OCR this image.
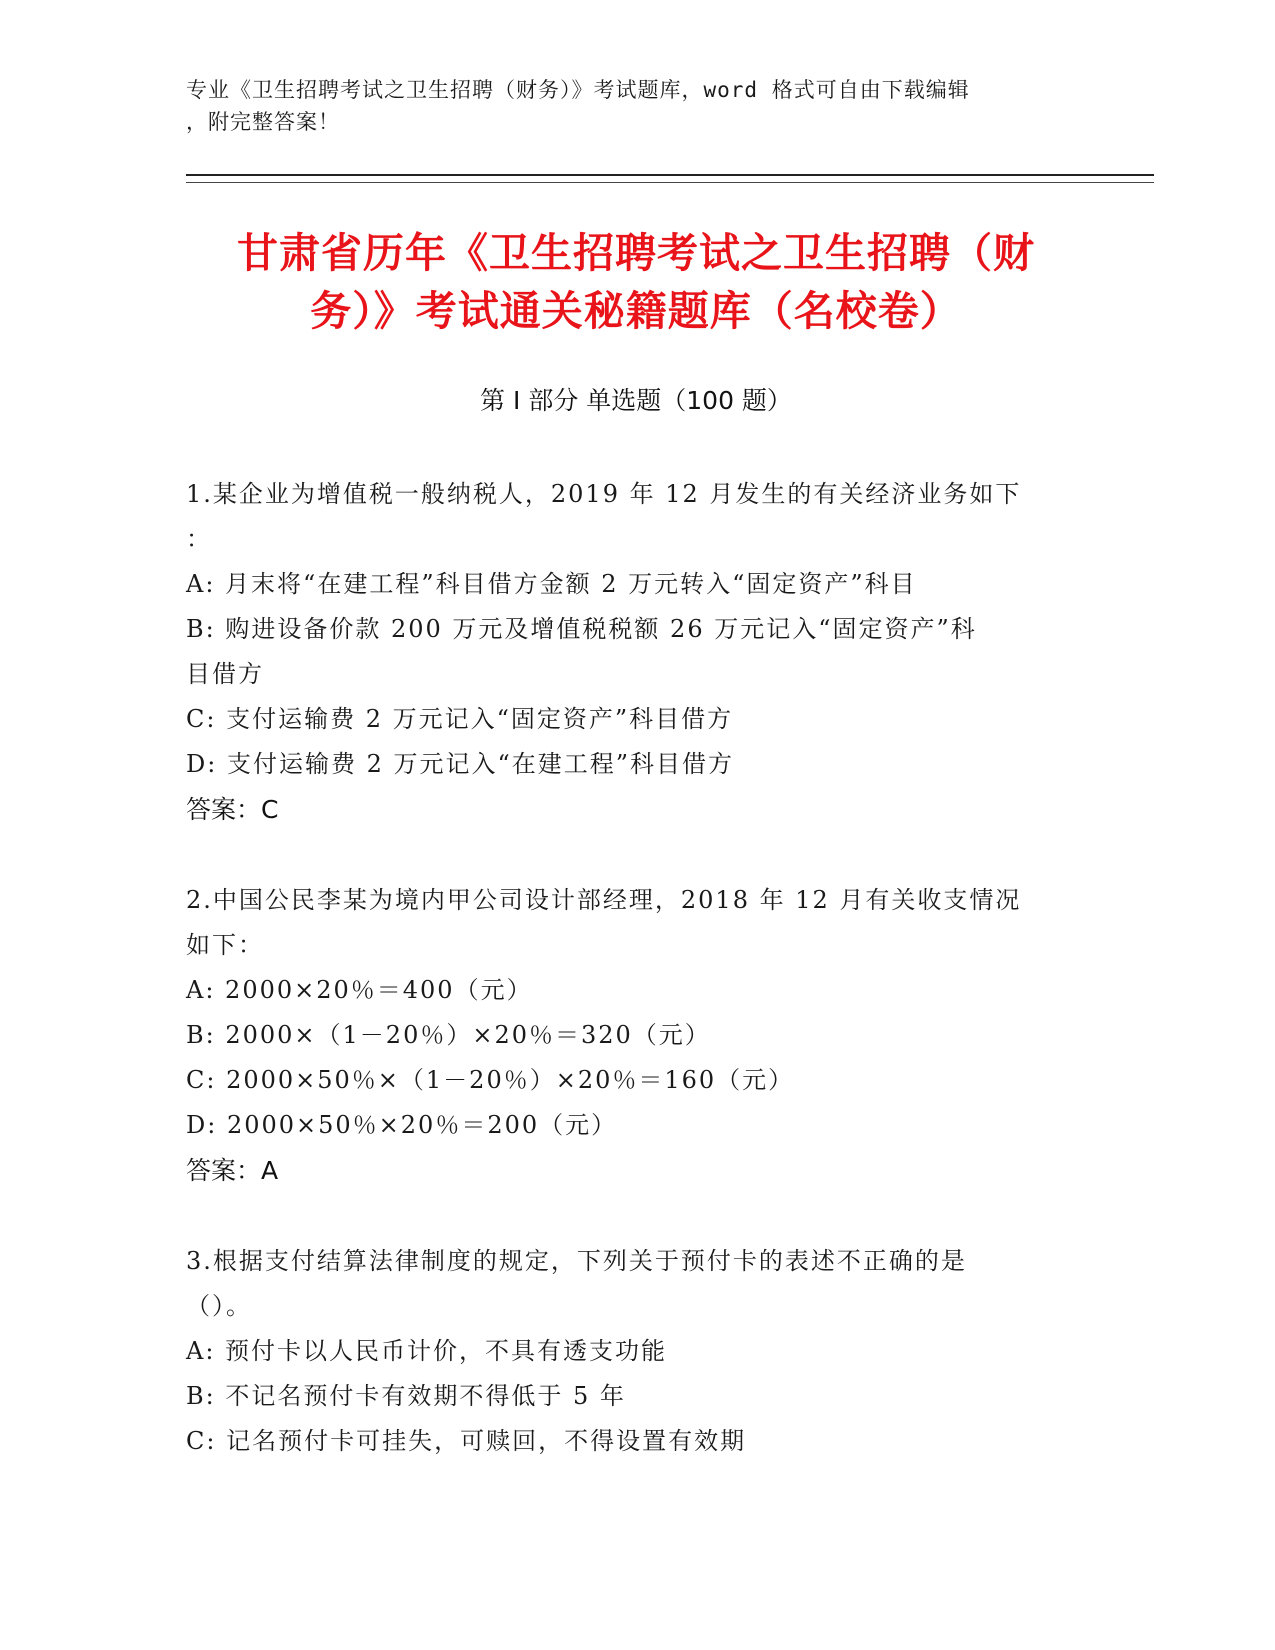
专业《卫生招聘考试之卫生招聘（财务）》考试题库，word 格式可自由下载编辑
，附完整答案！
甘肃省历年《卫生招聘考试之卫生招聘（财
务）》考试通关秘籍题库（名校卷）
第 I 部分 单选题（100 题）
1.某企业为增值税一般纳税人，2019 年 12 月发生的有关经济业务如下
：
A: 月末将“在建工程”科目借方金额 2 万元转入“固定资产”科目
B: 购进设备价款 200 万元及增值税税额 26 万元记入“固定资产”科
目借方
C: 支付运输费 2 万元记入“固定资产”科目借方
D: 支付运输费 2 万元记入“在建工程”科目借方
答案：C
2.中国公民李某为境内甲公司设计部经理，2018 年 12 月有关收支情况
如下：
A: 2000×20％＝400（元）
B: 2000×（1－20％）×20％＝320（元）
C: 2000×50％×（1－20％）×20％＝160（元）
D: 2000×50％×20％＝200（元）
答案：A
3.根据支付结算法律制度的规定，下列关于预付卡的表述不正确的是
（）。
A: 预付卡以人民币计价，不具有透支功能
B: 不记名预付卡有效期不得低于 5 年
C: 记名预付卡可挂失，可赎回，不得设置有效期
